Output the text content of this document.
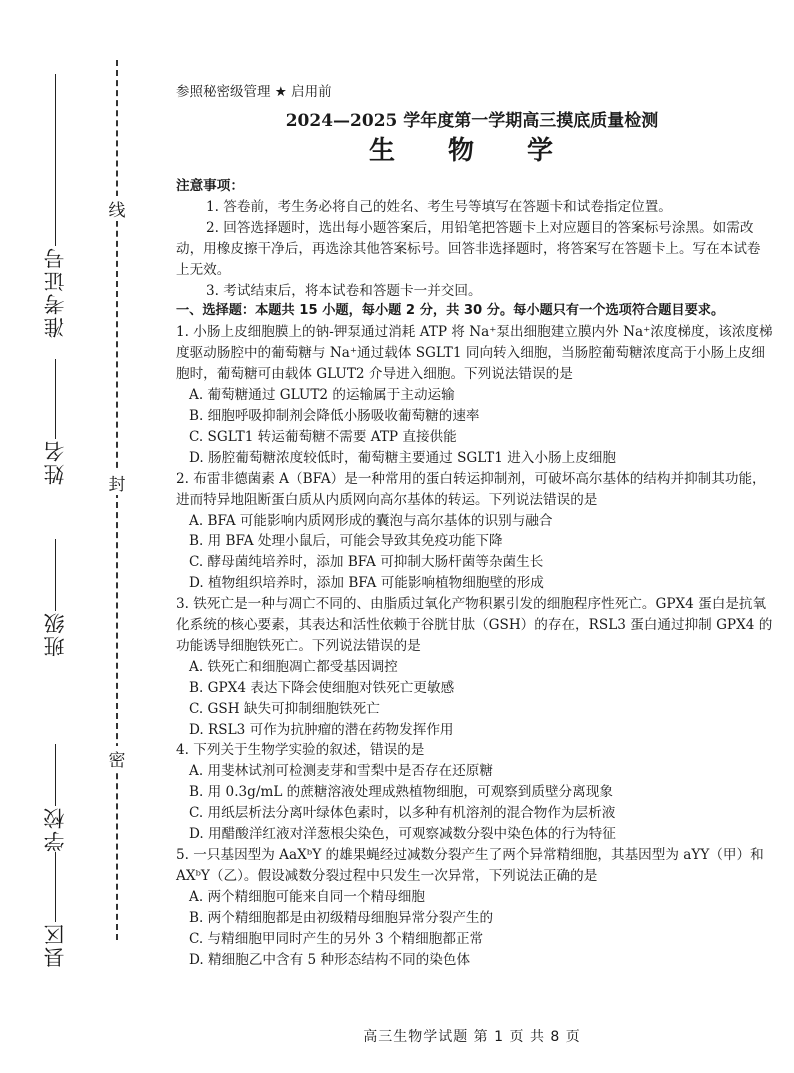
线
封
密
准考证号
姓名
班级
学校
县区
参照秘密级管理 ★ 启用前
2024—2025 学年度第一学期高三摸底质量检测
生 物 学

注意事项：

1. 答卷前，考生务必将自己的姓名、考生号等填写在答题卡和试卷指定位置。

2. 回答选择题时，选出每小题答案后，用铅笔把答题卡上对应题目的答案标号涂黑。如需改动，用橡皮擦干净后，再选涂其他答案标号。回答非选择题时，将答案写在答题卡上。写在本试卷上无效。

3. 考试结束后，将本试卷和答题卡一并交回。

一、选择题：本题共 15 小题，每小题 2 分，共 30 分。每小题只有一个选项符合题目要求。

1. 小肠上皮细胞膜上的钠-钾泵通过消耗 ATP 将 Na⁺泵出细胞建立膜内外 Na⁺浓度梯度，该浓度梯度驱动肠腔中的葡萄糖与 Na⁺通过载体 SGLT1 同向转入细胞，当肠腔葡萄糖浓度高于小肠上皮细胞时，葡萄糖可由载体 GLUT2 介导进入细胞。下列说法错误的是

A. 葡萄糖通过 GLUT2 的运输属于主动运输

B. 细胞呼吸抑制剂会降低小肠吸收葡萄糖的速率

C. SGLT1 转运葡萄糖不需要 ATP 直接供能

D. 肠腔葡萄糖浓度较低时，葡萄糖主要通过 SGLT1 进入小肠上皮细胞

2. 布雷非德菌素 A（BFA）是一种常用的蛋白转运抑制剂，可破坏高尔基体的结构并抑制其功能，进而特异地阻断蛋白质从内质网向高尔基体的转运。下列说法错误的是

A. BFA 可能影响内质网形成的囊泡与高尔基体的识别与融合

B. 用 BFA 处理小鼠后，可能会导致其免疫功能下降

C. 酵母菌纯培养时，添加 BFA 可抑制大肠杆菌等杂菌生长

D. 植物组织培养时，添加 BFA 可能影响植物细胞壁的形成

3. 铁死亡是一种与凋亡不同的、由脂质过氧化产物积累引发的细胞程序性死亡。GPX4 蛋白是抗氧化系统的核心要素，其表达和活性依赖于谷胱甘肽（GSH）的存在，RSL3 蛋白通过抑制 GPX4 的功能诱导细胞铁死亡。下列说法错误的是

A. 铁死亡和细胞凋亡都受基因调控

B. GPX4 表达下降会使细胞对铁死亡更敏感

C. GSH 缺失可抑制细胞铁死亡

D. RSL3 可作为抗肿瘤的潜在药物发挥作用

4. 下列关于生物学实验的叙述，错误的是

A. 用斐林试剂可检测麦芽和雪梨中是否存在还原糖

B. 用 0.3g/mL 的蔗糖溶液处理成熟植物细胞，可观察到质壁分离现象

C. 用纸层析法分离叶绿体色素时，以多种有机溶剂的混合物作为层析液

D. 用醋酸洋红液对洋葱根尖染色，可观察减数分裂中染色体的行为特征

5. 一只基因型为 AaXᵇY 的雄果蝇经过减数分裂产生了两个异常精细胞，其基因型为 aYY（甲）和 AXᵇY（乙）。假设减数分裂过程中只发生一次异常，下列说法正确的是

A. 两个精细胞可能来自同一个精母细胞

B. 两个精细胞都是由初级精母细胞异常分裂产生的

C. 与精细胞甲同时产生的另外 3 个精细胞都正常

D. 精细胞乙中含有 5 种形态结构不同的染色体

高三生物学试题 第 1 页 共 8 页
